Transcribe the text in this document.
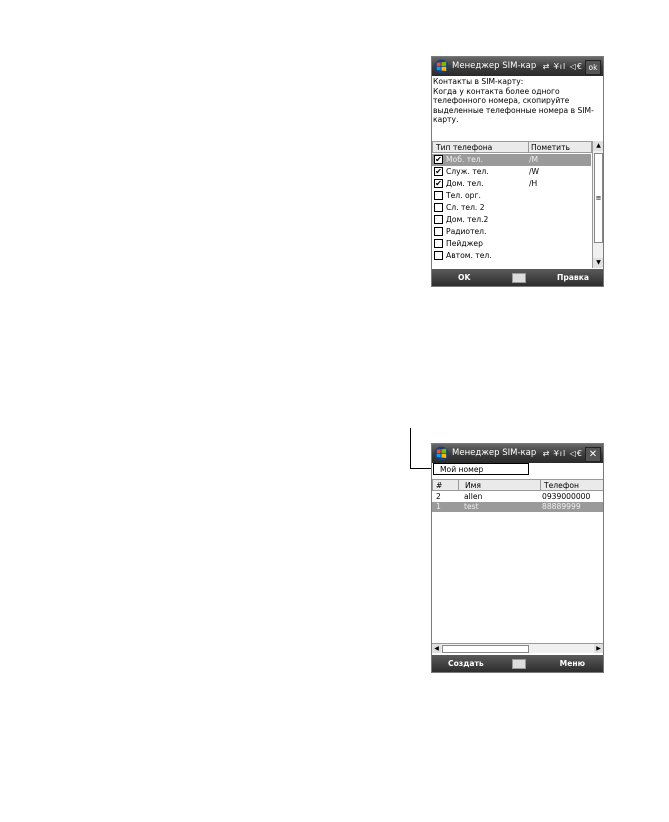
Менеджер SIM-кар ⇄ Y̶ıl ◁€ ok
Контакты в SIM-карту:
Когда у контакта более одного телефонного номера, скопируйте выделенные телефонные номера в SIM-карту.
Тип телефона	Пометить
✔ Моб. тел.	/M
✔ Служ. тел.	/W
✔ Дом. тел.	/H
Тел. орг.
Сл. тел. 2
Дом. тел.2
Радиотел.
Пейджер
Автом. тел.
▲
≡
▼
OK	Правка
Менеджер SIM-кар ⇄ Y̶ıl ◁€ ✕
#	Имя	Телефон
2	allen	0939000000
1	test	88889999
◀	▶
Создать	Меню
Мой номер
